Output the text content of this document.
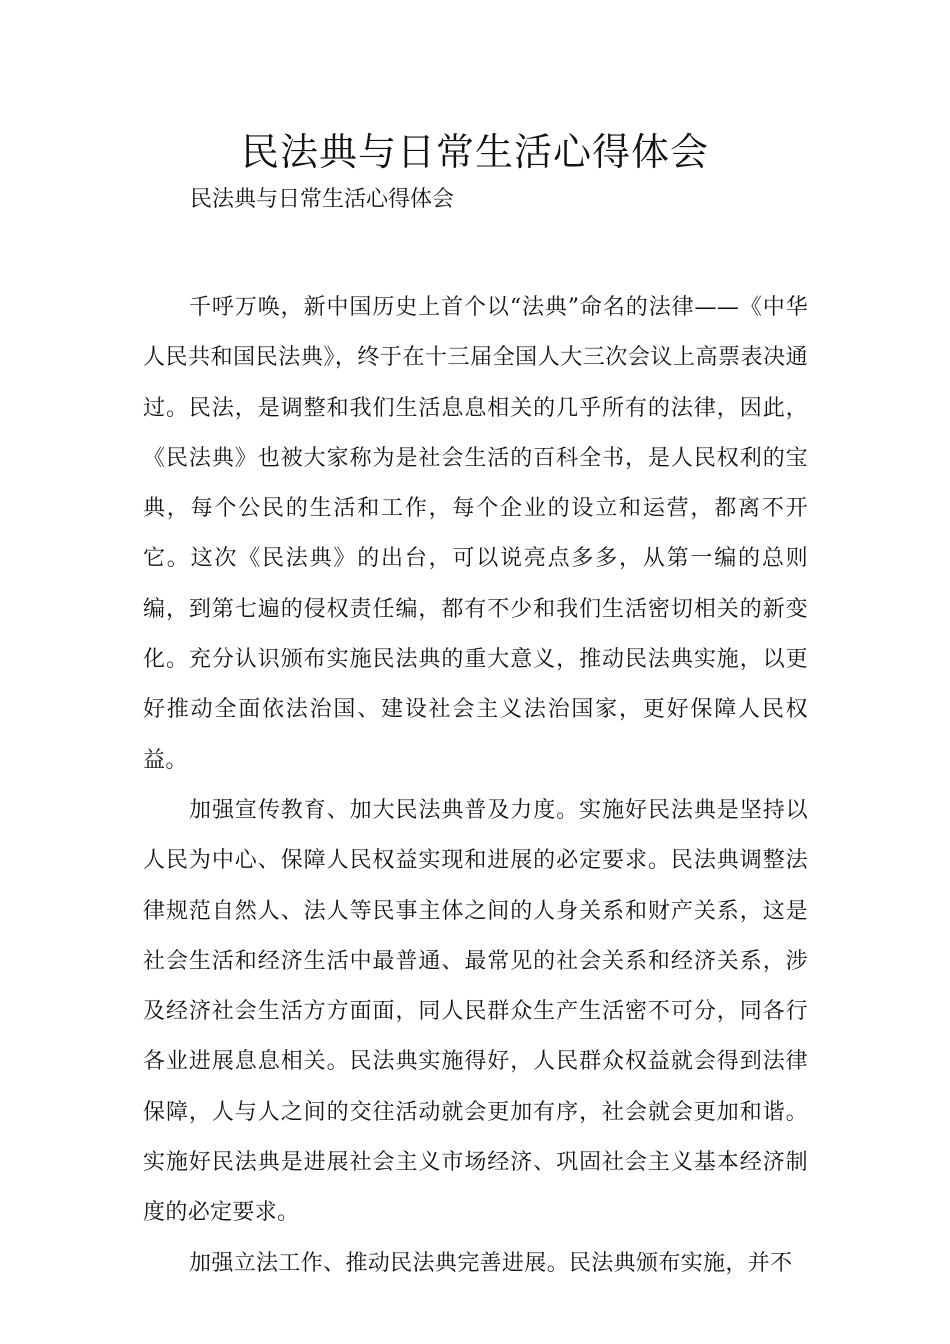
民法典与日常生活心得体会
民法典与日常生活心得体会

千呼万唤，新中国历史上首个以“法典”命名的法律——《中华人民共和国民法典》，终于在十三届全国人大三次会议上高票表决通过。民法，是调整和我们生活息息相关的几乎所有的法律，因此，《民法典》也被大家称为是社会生活的百科全书，是人民权利的宝典，每个公民的生活和工作，每个企业的设立和运营，都离不开它。这次《民法典》的出台，可以说亮点多多，从第一编的总则编，到第七遍的侵权责任编，都有不少和我们生活密切相关的新变化。充分认识颁布实施民法典的重大意义，推动民法典实施，以更好推动全面依法治国、建设社会主义法治国家，更好保障人民权益。

加强宣传教育、加大民法典普及力度。实施好民法典是坚持以人民为中心、保障人民权益实现和进展的必定要求。民法典调整法律规范自然人、法人等民事主体之间的人身关系和财产关系，这是社会生活和经济生活中最普通、最常见的社会关系和经济关系，涉及经济社会生活方方面面，同人民群众生产生活密不可分，同各行各业进展息息相关。民法典实施得好，人民群众权益就会得到法律保障，人与人之间的交往活动就会更加有序，社会就会更加和谐。实施好民法典是进展社会主义市场经济、巩固社会主义基本经济制度的必定要求。

加强立法工作、推动民法典完善进展。民法典颁布实施，并不
